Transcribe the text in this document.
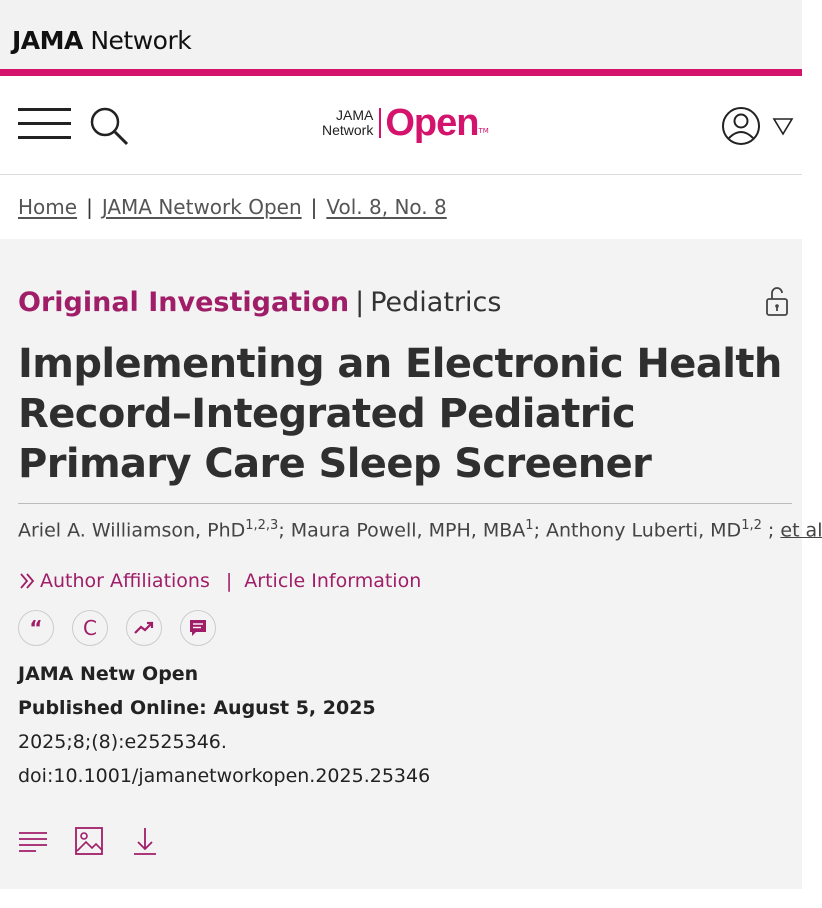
JAMA Network
JAMA
Network Open TM
Home | JAMA Network Open | Vol. 8, No. 8
Original Investigation | Pediatrics
Implementing an Electronic Health Record–Integrated Pediatric Primary Care Sleep Screener
Ariel A. Williamson, PhD$^{1,2,3}$; Maura Powell, MPH, MBA$^1$; Anthony Luberti, MD$^{1,2}$ ; et al
Author Affiliations | Article Information
“ C
JAMA Netw Open
Published Online: August 5, 2025
2025;8;(8):e2525346.
doi:10.1001/jamanetworkopen.2025.25346
